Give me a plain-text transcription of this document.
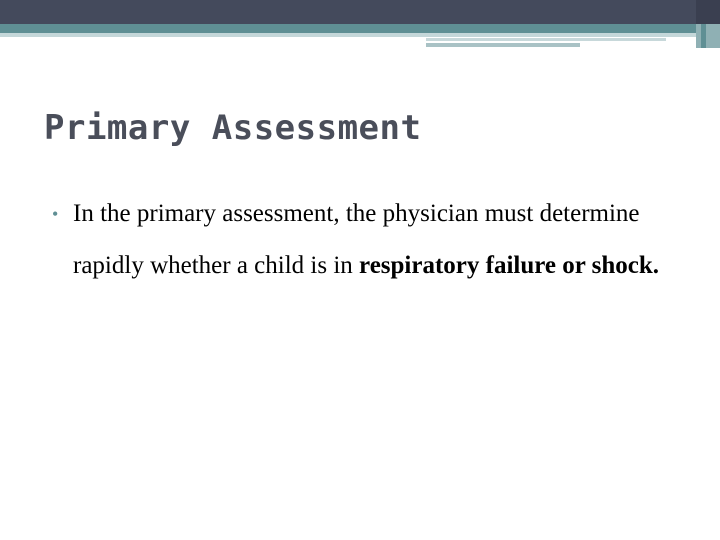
Primary Assessment
• In the primary assessment, the physician must determine rapidly whether a child is in respiratory failure or shock.
